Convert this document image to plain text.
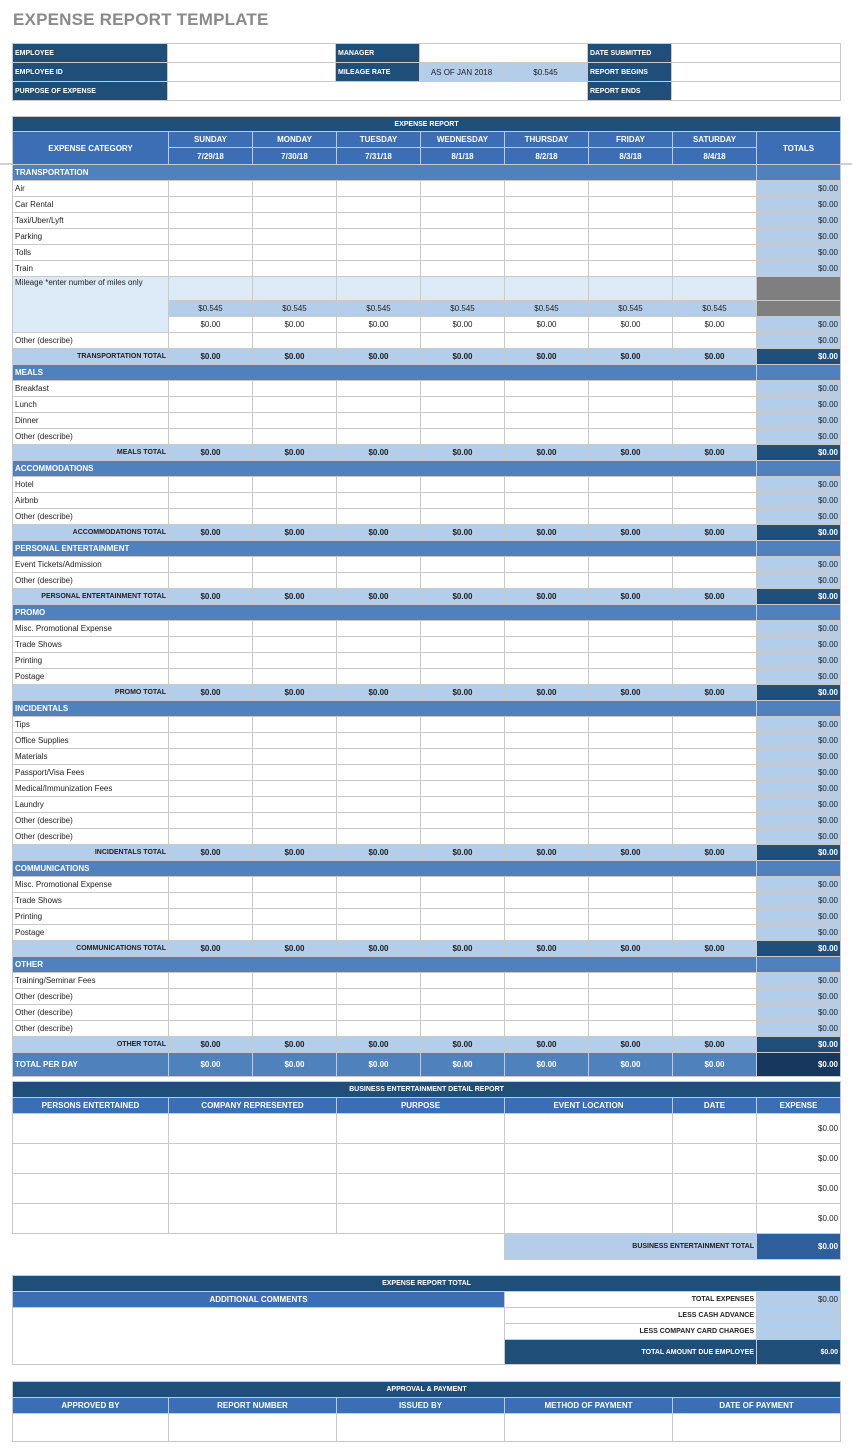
EXPENSE REPORT TEMPLATE
EMPLOYEE		MANAGER			DATE SUBMITTED	
EMPLOYEE ID		MILEAGE RATE	AS OF JAN 2018	$0.545	REPORT BEGINS	
PURPOSE OF EXPENSE					REPORT ENDS	
EXPENSE REPORT								
EXPENSE CATEGORY	SUNDAY	MONDAY	TUESDAY	WEDNESDAY	THURSDAY	FRIDAY	SATURDAY	TOTALS
	7/29/18	7/30/18	7/31/18	8/1/18	8/2/18	8/3/18	8/4/18	
TRANSPORTATION								
Air								$0.00
Car Rental								$0.00
Taxi/Uber/Lyft								$0.00
Parking								$0.00
Tolls								$0.00
Train								$0.00
Mileage *enter number of miles only								
	$0.545	$0.545	$0.545	$0.545	$0.545	$0.545	$0.545	
	$0.00	$0.00	$0.00	$0.00	$0.00	$0.00	$0.00	$0.00
Other (describe)								$0.00
TRANSPORTATION TOTAL	$0.00	$0.00	$0.00	$0.00	$0.00	$0.00	$0.00	$0.00
MEALS								
Breakfast								$0.00
Lunch								$0.00
Dinner								$0.00
Other (describe)								$0.00
MEALS TOTAL	$0.00	$0.00	$0.00	$0.00	$0.00	$0.00	$0.00	$0.00
ACCOMMODATIONS								
Hotel								$0.00
Airbnb								$0.00
Other (describe)								$0.00
ACCOMMODATIONS TOTAL	$0.00	$0.00	$0.00	$0.00	$0.00	$0.00	$0.00	$0.00
PERSONAL ENTERTAINMENT								
Event Tickets/Admission								$0.00
Other (describe)								$0.00
PERSONAL ENTERTAINMENT TOTAL	$0.00	$0.00	$0.00	$0.00	$0.00	$0.00	$0.00	$0.00
PROMO								
Misc. Promotional Expense								$0.00
Trade Shows								$0.00
Printing								$0.00
Postage								$0.00
PROMO TOTAL	$0.00	$0.00	$0.00	$0.00	$0.00	$0.00	$0.00	$0.00
INCIDENTALS								
Tips								$0.00
Office Supplies								$0.00
Materials								$0.00
Passport/Visa Fees								$0.00
Medical/Immunization Fees								$0.00
Laundry								$0.00
Other (describe)								$0.00
Other (describe)								$0.00
INCIDENTALS TOTAL	$0.00	$0.00	$0.00	$0.00	$0.00	$0.00	$0.00	$0.00
COMMUNICATIONS								
Misc. Promotional Expense								$0.00
Trade Shows								$0.00
Printing								$0.00
Postage								$0.00
COMMUNICATIONS TOTAL	$0.00	$0.00	$0.00	$0.00	$0.00	$0.00	$0.00	$0.00
OTHER								
Training/Seminar Fees								$0.00
Other (describe)								$0.00
Other (describe)								$0.00
Other (describe)								$0.00
OTHER TOTAL	$0.00	$0.00	$0.00	$0.00	$0.00	$0.00	$0.00	$0.00
TOTAL PER DAY	$0.00	$0.00	$0.00	$0.00	$0.00	$0.00	$0.00	$0.00
BUSINESS ENTERTAINMENT DETAIL REPORT					
PERSONS ENTERTAINED	COMPANY REPRESENTED	PURPOSE	EVENT LOCATION	DATE	EXPENSE
					$0.00
					$0.00
					$0.00
					$0.00
			BUSINESS ENTERTAINMENT TOTAL		$0.00
EXPENSE REPORT TOTAL		
ADDITIONAL COMMENTS	TOTAL EXPENSES	$0.00
	LESS CASH ADVANCE	
	LESS COMPANY CARD CHARGES	
	TOTAL AMOUNT DUE EMPLOYEE	$0.00
APPROVAL & PAYMENT				
APPROVED BY	REPORT NUMBER	ISSUED BY	METHOD OF PAYMENT	DATE OF PAYMENT
